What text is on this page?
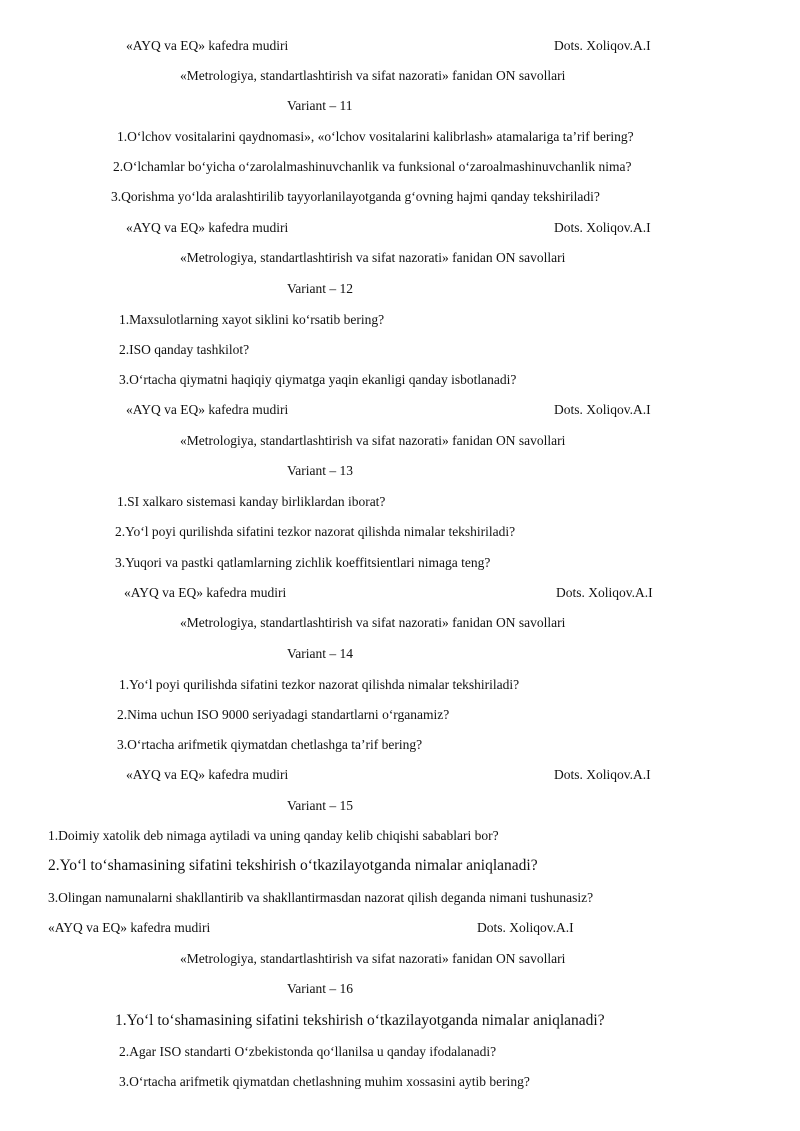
«AYQ va EQ» kafedra mudiri	Dots. Xoliqov.A.I
«Metrologiya, standartlashtirish va sifat nazorati» fanidan ON savollari
Variant – 11
1.O‘lchov vositalarini qaydnomasi», «o‘lchov vositalarini kalibrlash» atamalariga ta’rif bering?
2.O‘lchamlar bo‘yicha o‘zarolalmashinuvchanlik va funksional o‘zaroalmashinuvchanlik nima?
3.Qorishma yo‘lda aralashtirilib tayyorlanilayotganda g‘ovning hajmi qanday tekshiriladi?
«AYQ va EQ» kafedra mudiri	Dots. Xoliqov.A.I
«Metrologiya, standartlashtirish va sifat nazorati» fanidan ON savollari
Variant – 12
1.Maxsulotlarning xayot siklini ko‘rsatib bering?
2.ISO qanday tashkilot?
3.O‘rtacha qiymatni haqiqiy qiymatga yaqin ekanligi qanday isbotlanadi?
«AYQ va EQ» kafedra mudiri	Dots. Xoliqov.A.I
«Metrologiya, standartlashtirish va sifat nazorati» fanidan ON savollari
Variant – 13
1.SI xalkaro sistemasi kanday birliklardan iborat?
2.Yo‘l poyi qurilishda sifatini tezkor nazorat qilishda nimalar tekshiriladi?
3.Yuqori va pastki qatlamlarning zichlik koeffitsientlari nimaga teng?
«AYQ va EQ» kafedra mudiri	Dots. Xoliqov.A.I
«Metrologiya, standartlashtirish va sifat nazorati» fanidan ON savollari
Variant – 14
1.Yo‘l poyi qurilishda sifatini tezkor nazorat qilishda nimalar tekshiriladi?
2.Nima uchun ISO 9000 seriyadagi standartlarni o‘rganamiz?
3.O‘rtacha arifmetik qiymatdan chetlashga ta’rif bering?
«AYQ va EQ» kafedra mudiri	Dots. Xoliqov.A.I
Variant – 15
1.Doimiy xatolik deb nimaga aytiladi va uning qanday kelib chiqishi sabablari bor?
2.Yo‘l to‘shamasining sifatini tekshirish o‘tkazilayotganda nimalar aniqlanadi?
3.Olingan namunalarni shakllantirib va shakllantirmasdan nazorat qilish deganda nimani tushunasiz?
«AYQ va EQ» kafedra mudiri	Dots. Xoliqov.A.I
«Metrologiya, standartlashtirish va sifat nazorati» fanidan ON savollari
Variant – 16
1.Yo‘l to‘shamasining sifatini tekshirish o‘tkazilayotganda nimalar aniqlanadi?
2.Agar ISO standarti O‘zbekistonda qo‘llanilsa u qanday ifodalanadi?
3.O‘rtacha arifmetik qiymatdan chetlashning muhim xossasini aytib bering?
